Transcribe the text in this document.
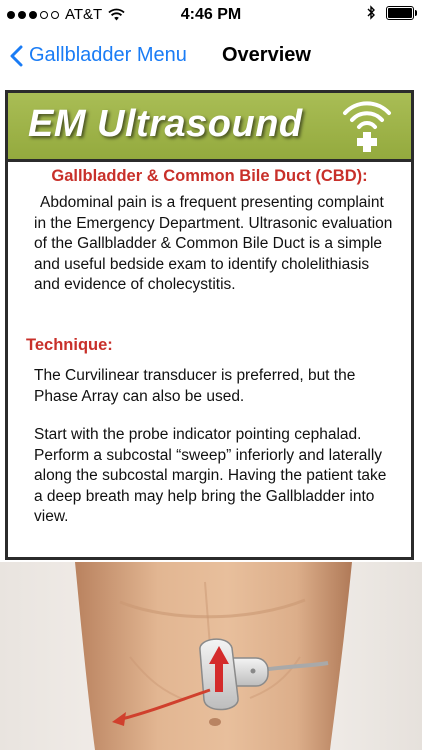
AT&T	4:46 PM
Gallbladder Menu Overview
EM Ultrasound
Gallbladder & Common Bile Duct (CBD):
Abdominal pain is a frequent presenting complaint in the Emergency Department. Ultrasonic evaluation of the Gallbladder & Common Bile Duct is a simple and useful bedside exam to identify cholelithiasis and evidence of cholecystitis.
Technique:
The Curvilinear transducer is preferred, but the Phase Array can also be used.
Start with the probe indicator pointing cephalad. Perform a subcostal “sweep” inferiorly and laterally along the subcostal margin. Having the patient take a deep breath may help bring the Gallbladder into view.
